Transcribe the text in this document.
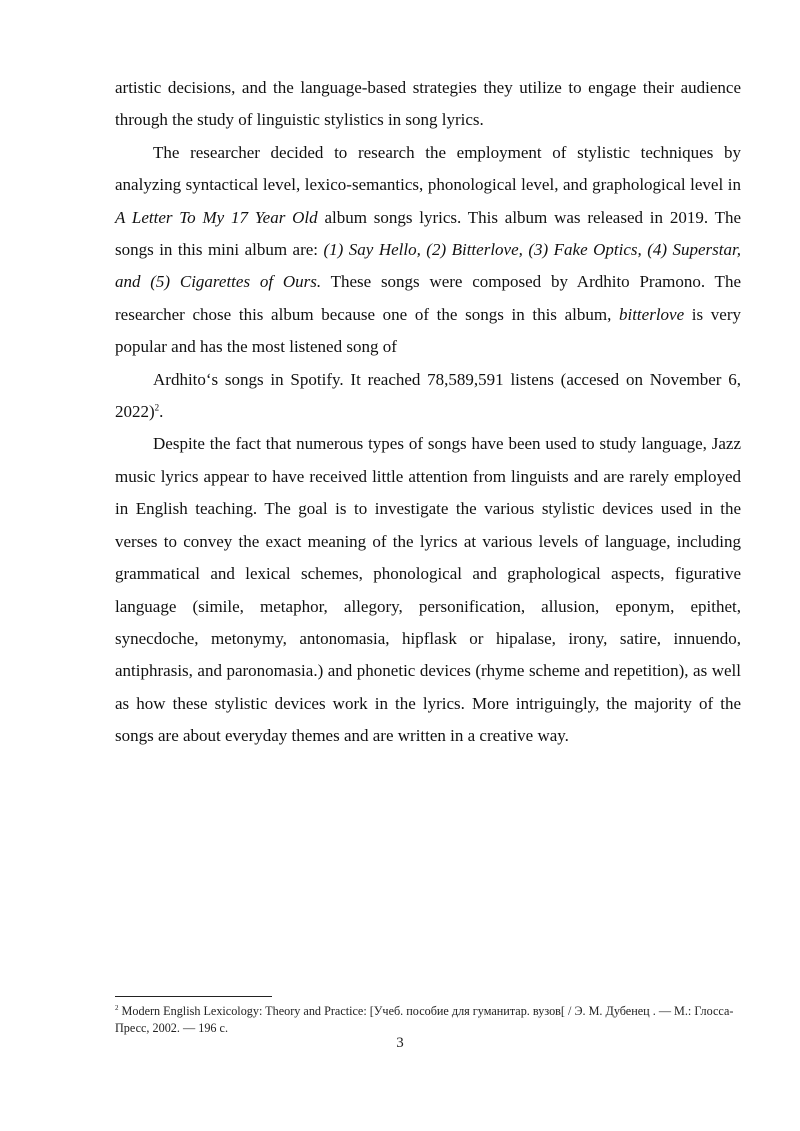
artistic decisions, and the language-based strategies they utilize to engage their audience through the study of linguistic stylistics in song lyrics.

The researcher decided to research the employment of stylistic techniques by analyzing syntactical level, lexico-semantics, phonological level, and graphological level in A Letter To My 17 Year Old album songs lyrics. This album was released in 2019. The songs in this mini album are: (1) Say Hello, (2) Bitterlove, (3) Fake Optics, (4) Superstar, and (5) Cigarettes of Ours. These songs were composed by Ardhito Pramono. The researcher chose this album because one of the songs in this album, bitterlove is very popular and has the most listened song of

Ardhito‘s songs in Spotify. It reached 78,589,591 listens (accesed on November 6, 2022)$^2$.

Despite the fact that numerous types of songs have been used to study language, Jazz music lyrics appear to have received little attention from linguists and are rarely employed in English teaching. The goal is to investigate the various stylistic devices used in the verses to convey the exact meaning of the lyrics at various levels of language, including grammatical and lexical schemes, phonological and graphological aspects, figurative language (simile, metaphor, allegory, personification, allusion, eponym, epithet, synecdoche, metonymy, antonomasia, hipflask or hipalase, irony, satire, innuendo, antiphrasis, and paronomasia.) and phonetic devices (rhyme scheme and repetition), as well as how these stylistic devices work in the lyrics. More intriguingly, the majority of the songs are about everyday themes and are written in a creative way.

$^2$ Modern English Lexicology: Theory and Practice: [Учеб. пособие для гуманитар. вузов[ / Э. М. Дубенец . — М.: Глосса-Пресс, 2002. — 196 с.
3
